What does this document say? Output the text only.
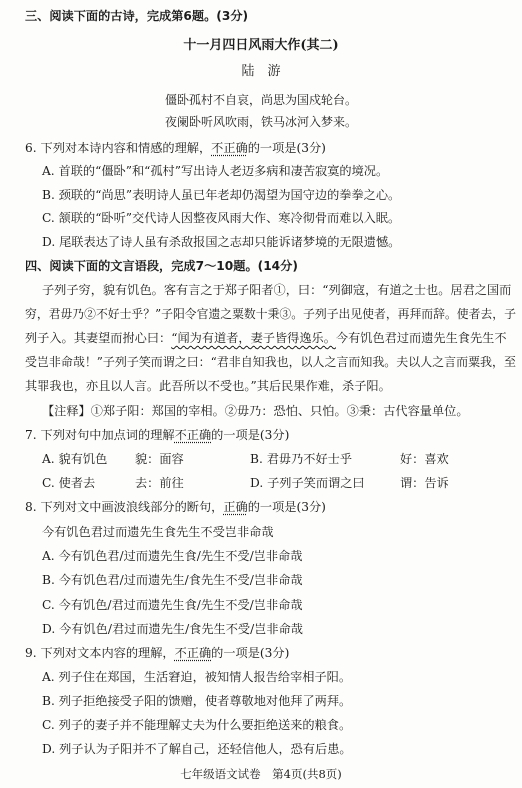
三、阅读下面的古诗，完成第6题。(3分)
十一月四日风雨大作(其二)
陆　游
僵卧孤村不自哀，尚思为国戍轮台。
夜阑卧听风吹雨，铁马冰河入梦来。
6. 下列对本诗内容和情感的理解，不正确的一项是(3分)
A. 首联的“僵卧”和“孤村”写出诗人老迈多病和凄苦寂寞的境况。
B. 颈联的“尚思”表明诗人虽已年老却仍渴望为国守边的拳拳之心。
C. 颔联的“卧听”交代诗人因整夜风雨大作、寒冷彻骨而难以入眠。
D. 尾联表达了诗人虽有杀敌报国之志却只能诉诸梦境的无限遗憾。
四、阅读下面的文言语段，完成7～10题。(14分)
子列子穷，貌有饥色。客有言之于郑子阳者①，曰：“列御寇，有道之士也。居君之国而
穷，君毋乃②不好士乎？”子阳令官遗之粟数十秉③。子列子出见使者，再拜而辞。使者去，子
列子入。其妻望而拊心曰：“闻为有道者，妻子皆得逸乐。今有饥色君过而遗先生食先生不
受岂非命哉！”子列子笑而谓之曰：“君非自知我也，以人之言而知我。夫以人之言而粟我，至
其罪我也，亦且以人言。此吾所以不受也。”其后民果作难，杀子阳。
【注释】①郑子阳：郑国的宰相。②毋乃：恐怕、只怕。③秉：古代容量单位。
7. 下列对句中加点词的理解不正确的一项是(3分)
A. 貌有饥色 貌：面容	B. 君毋乃不好士乎	好：喜欢
C. 使者去	去：前往	D. 子列子笑而谓之曰	谓：告诉
8. 下列对文中画波浪线部分的断句，正确的一项是(3分)
今有饥色君过而遗先生食先生不受岂非命哉
A. 今有饥色君/过而遗先生食/先生不受/岂非命哉
B. 今有饥色君/过而遗先生/食先生不受/岂非命哉
C. 今有饥色/君过而遗先生食/先生不受/岂非命哉
D. 今有饥色/君过而遗先生/食先生不受/岂非命哉
9. 下列对文本内容的理解，不正确的一项是(3分)
A. 列子住在郑国，生活窘迫，被知情人报告给宰相子阳。
B. 列子拒绝接受子阳的馈赠，使者尊敬地对他拜了两拜。
C. 列子的妻子并不能理解丈夫为什么要拒绝送来的粮食。
D. 列子认为子阳并不了解自己，还轻信他人，恐有后患。
七年级语文试卷　第4页(共8页)
